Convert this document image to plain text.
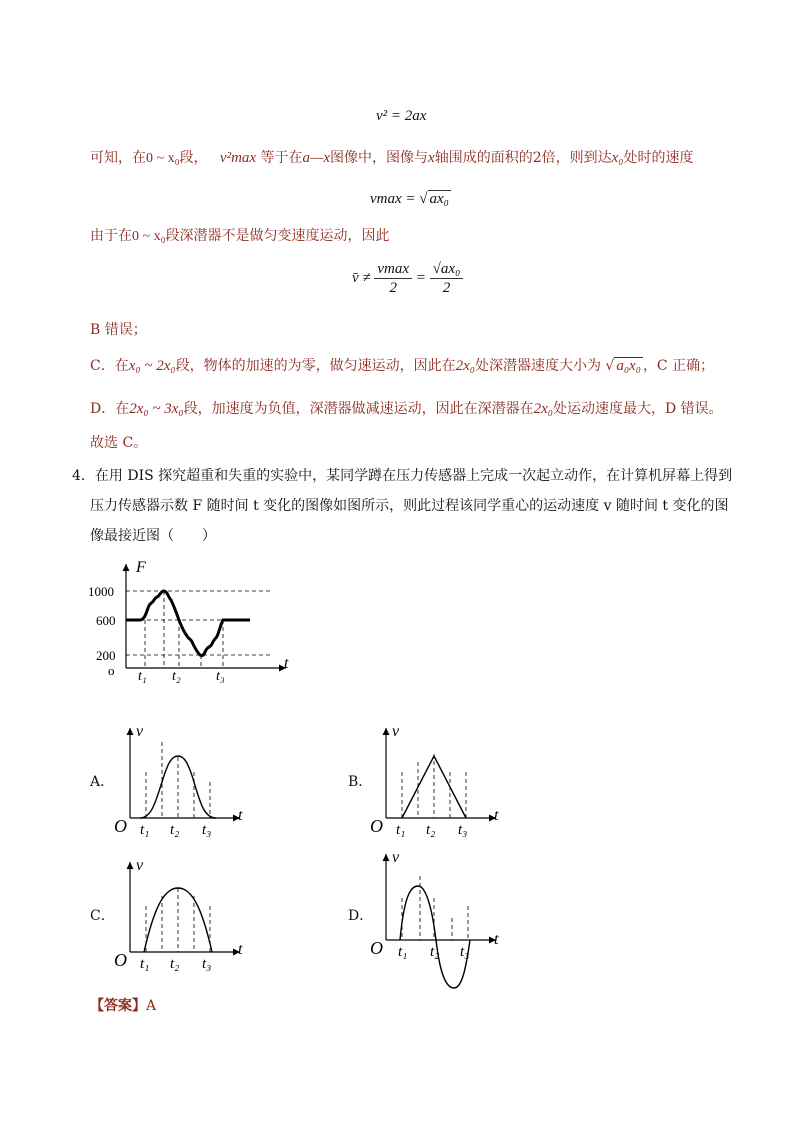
v² = 2ax
可知，在0 ~ x₀段， v²max 等于在a—x图像中，图像与x轴围成的面积的2倍，则到达x₀处时的速度
vmax = √ ax₀
由于在0 ~ x₀段深潜器不是做匀变速度运动，因此
v̄ ≠ $\frac{vmax}{2} = \frac{\text{√ax₀}}{2}$
B 错误；
C．在x₀ ~ 2x₀段，物体的加速的为零，做匀速运动，因此在2x₀处深潜器速度大小为 √ a₀x₀ ，C 正确；
D．在2x₀ ~ 3x₀段，加速度为负值，深潜器做减速运动，因此在深潜器在2x₀处运动速度最大，D 错误。
故选 C。
4．在用 DIS 探究超重和失重的实验中，某同学蹲在压力传感器上完成一次起立动作，在计算机屏幕上得到
压力传感器示数 F 随时间 t 变化的图像如图所示，则此过程该同学重心的运动速度 v 随时间 t 变化的图
像最接近图（　　）
F
t
1000
600
200
o t₁ t₂	t₃
A．
v
t
O t₁ t₂ t₃
B．
v
t
O t₁ t₂ t₃
C．
v
t
O t₁ t₂ t₃
D．
v
t
O t₁ t₂ t₃
【答案】A
